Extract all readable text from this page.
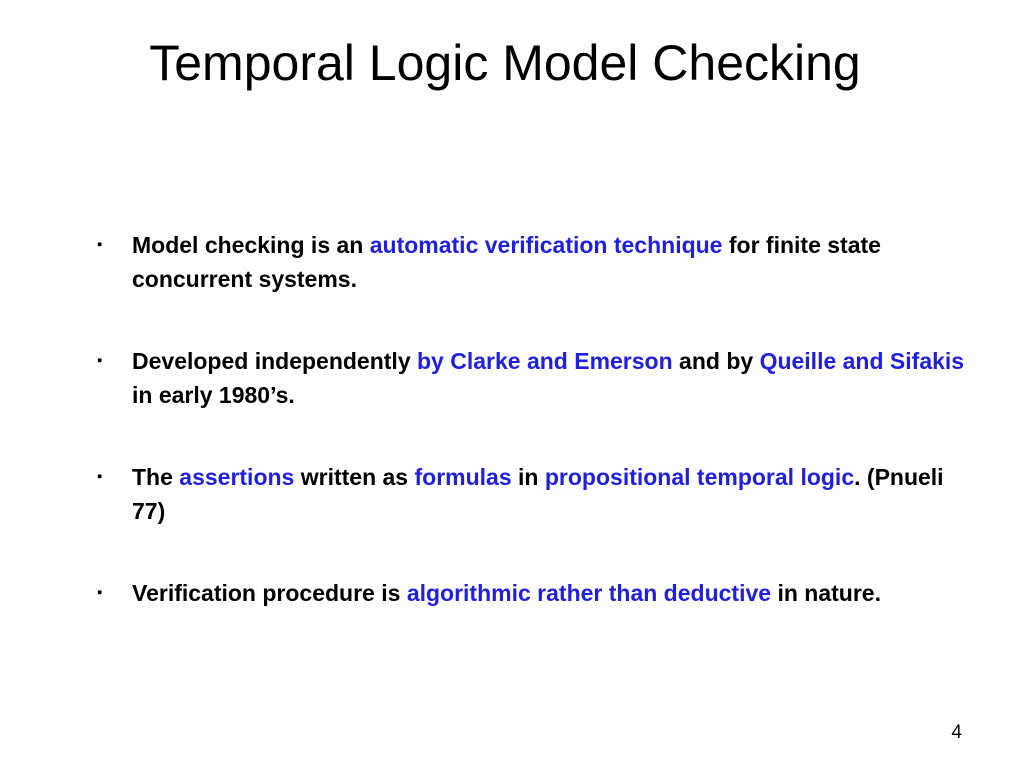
Temporal Logic Model Checking
▪ Model checking is an automatic verification technique for finite state concurrent systems.
▪ Developed independently by Clarke and Emerson and by Queille and Sifakis in early 1980’s.
▪ The assertions written as formulas in propositional temporal logic. (Pnueli 77)
▪ Verification procedure is algorithmic rather than deductive in nature.
4
